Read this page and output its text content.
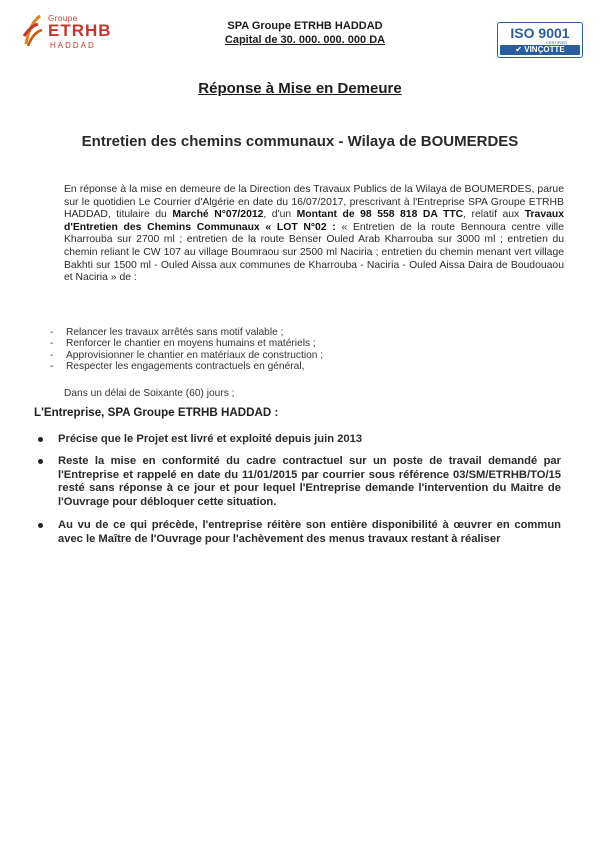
Groupe
ETRHB
HADDAD
SPA Groupe ETRHB HADDAD
Capital de 30. 000. 000. 000 DA	ISO 9001
CERTIFIED
✔ VINÇOTTE
Réponse à Mise en Demeure
Entretien des chemins communaux - Wilaya de BOUMERDES
En réponse à la mise en demeure de la Direction des Travaux Publics de la Wilaya de BOUMERDES, parue sur le quotidien Le Courrier d'Algérie en date du 16/07/2017, prescrivant à l'Entreprise SPA Groupe ETRHB HADDAD, titulaire du Marché N°07/2012, d'un Montant de 98 558 818 DA TTC, relatif aux Travaux d'Entretien des Chemins Communaux « LOT N°02 : « Entretien de la route Bennoura centre ville Kharrouba sur 2700 ml ; entretien de la route Benser Ouled Arab Kharrouba sur 3000 ml ; entretien du chemin reliant le CW 107 au village Boumraou sur 2500 ml Naciria ; entretien du chemin menant vert village Bakhti sur 1500 ml - Ouled Aissa aux communes de Kharrouba - Naciria - Ouled Aissa Daira de Boudouaou et Naciria » de :
- Relancer les travaux arrêtés sans motif valable ;
- Renforcer le chantier en moyens humains et matériels ;
- Approvisionner le chantier en matériaux de construction ;
- Respecter les engagements contractuels en général,
Dans un délai de Soixante (60) jours ;
L'Entreprise, SPA Groupe ETRHB HADDAD :
Précise que le Projet est livré et exploité depuis juin 2013
Reste la mise en conformité du cadre contractuel sur un poste de travail demandé par l'Entreprise et rappelé en date du 11/01/2015 par courrier sous référence 03/SM/ETRHB/TO/15 resté sans réponse à ce jour et pour lequel l'Entreprise demande l'intervention du Maitre de l'Ouvrage pour débloquer cette situation.
Au vu de ce qui précède, l'entreprise réitère son entière disponibilité à œuvrer en commun avec le Maître de l'Ouvrage pour l'achèvement des menus travaux restant à réaliser
